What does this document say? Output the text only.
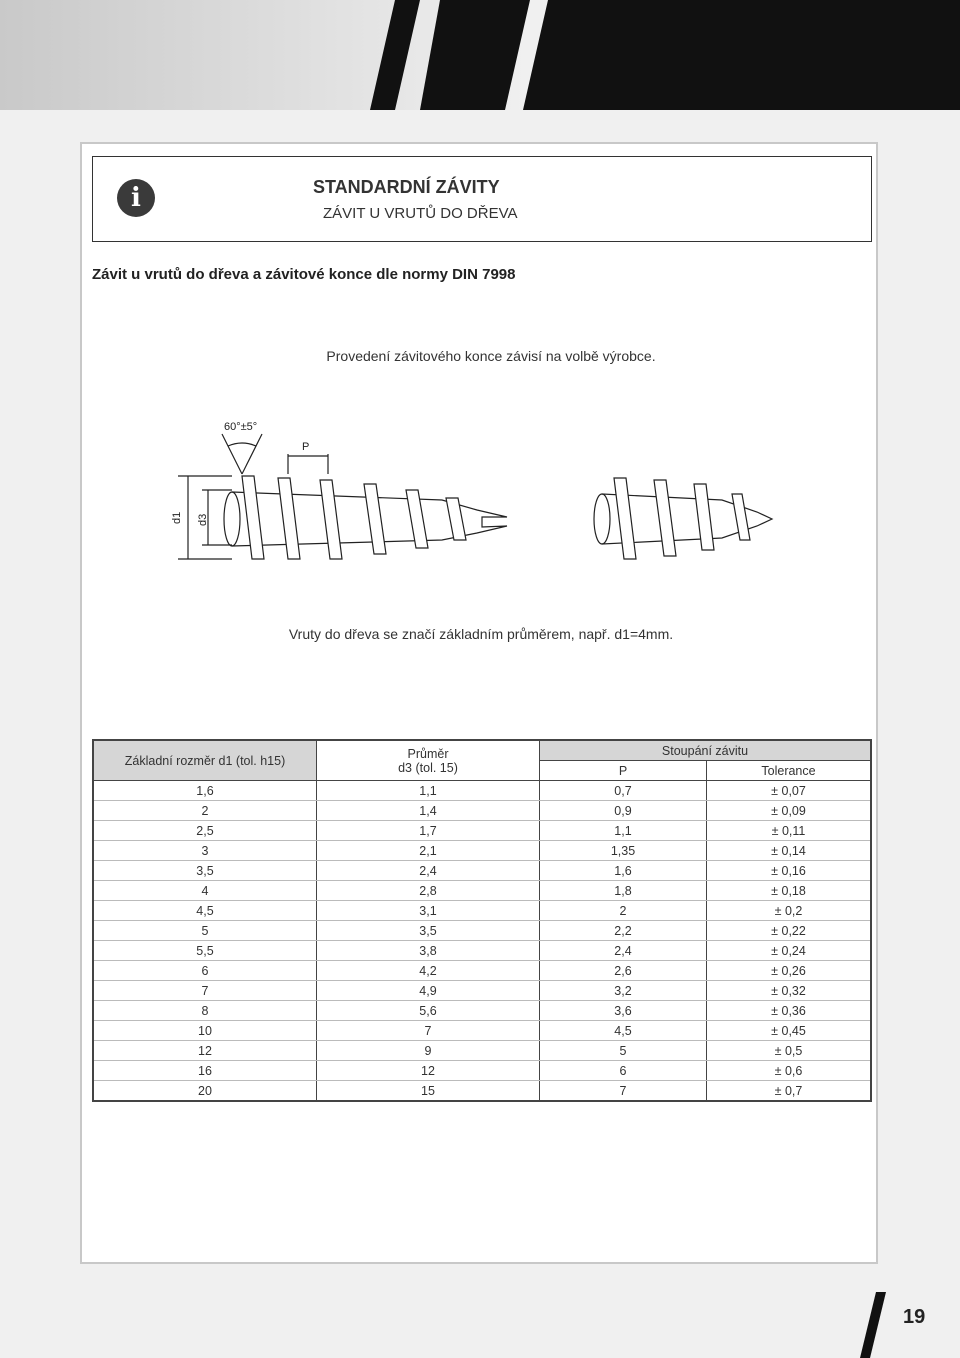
i	STANDARDNÍ ZÁVITY
ZÁVIT U VRUTŮ DO DŘEVA
Závit u vrutů do dřeva a závitové konce dle normy DIN 7998
Provedení závitového konce závisí na volbě výrobce.
60°±5°
P
d1 d3
Vruty do dřeva se značí základním průměrem, např. d1=4mm.
Základní rozměr d1 (tol. h15)	Průměr
d3 (tol. 15)	Stoupání závitu	
		P	Tolerance
1,6	1,1	0,7	± 0,07
2	1,4	0,9	± 0,09
2,5	1,7	1,1	± 0,11
3	2,1	1,35	± 0,14
3,5	2,4	1,6	± 0,16
4	2,8	1,8	± 0,18
4,5	3,1	2	± 0,2
5	3,5	2,2	± 0,22
5,5	3,8	2,4	± 0,24
6	4,2	2,6	± 0,26
7	4,9	3,2	± 0,32
8	5,6	3,6	± 0,36
10	7	4,5	± 0,45
12	9	5	± 0,5
16	12	6	± 0,6
20	15	7	± 0,7
19
